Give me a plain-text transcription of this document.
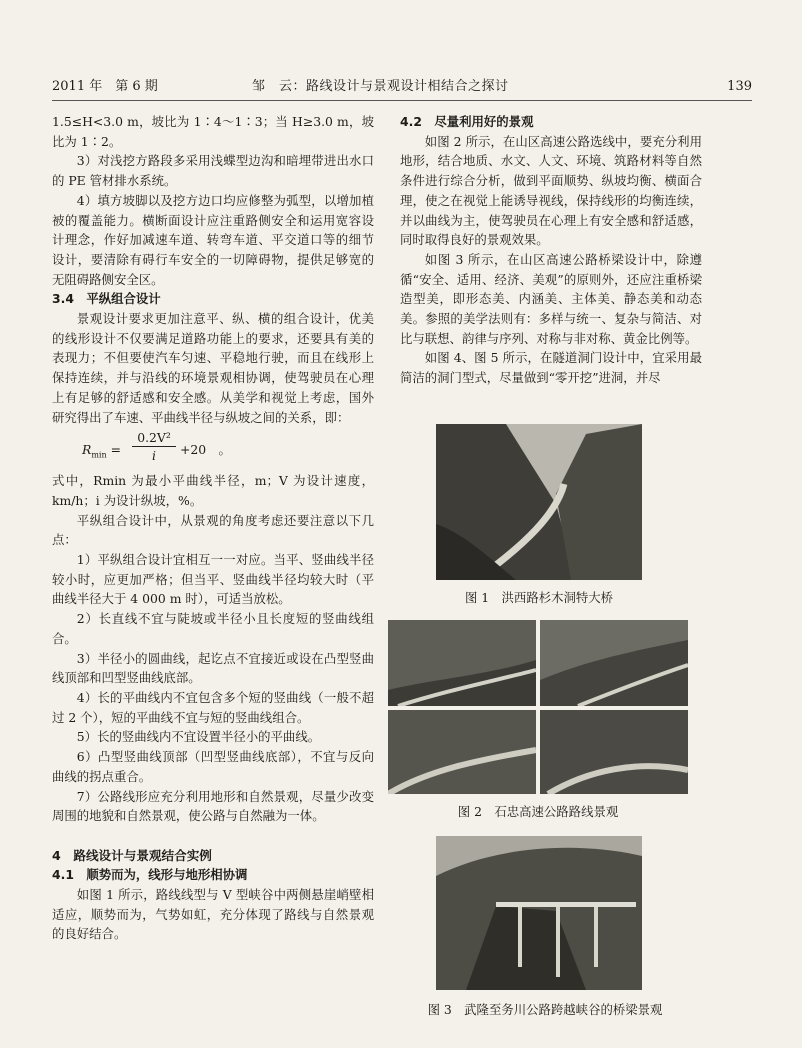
2011 年　第 6 期	邹　云：路线设计与景观设计相结合之探讨	139

1.5≤H<3.0 m，坡比为 1∶4～1∶3；当 H≥3.0 m，坡比为 1∶2。

3）对浅挖方路段多采用浅蝶型边沟和暗埋带进出水口的 PE 管材排水系统。

4）填方坡脚以及挖方边口均应修整为弧型，以增加植被的覆盖能力。横断面设计应注重路侧安全和运用宽容设计理念，作好加减速车道、转弯车道、平交道口等的细节设计，要清除有碍行车安全的一切障碍物，提供足够宽的无阻碍路侧安全区。

3.4　平纵组合设计

景观设计要求更加注意平、纵、横的组合设计，优美的线形设计不仅要满足道路功能上的要求，还要具有美的表现力；不但要使汽车匀速、平稳地行驶，而且在线形上保持连续，并与沿线的环境景观相协调，使驾驶员在心理上有足够的舒适感和安全感。从美学和视觉上考虑，国外研究得出了车速、平曲线半径与纵坡之间的关系，即：

$R_{min} = \frac{\text{0.2V²}}{i} +20$　。

式中，Rmin 为最小平曲线半径，m；V 为设计速度，km/h；i 为设计纵坡，%。

平纵组合设计中，从景观的角度考虑还要注意以下几点：

1）平纵组合设计宜相互一一对应。当平、竖曲线半径较小时，应更加严格；但当平、竖曲线半径均较大时（平曲线半径大于 4 000 m 时），可适当放松。

2）长直线不宜与陡坡或半径小且长度短的竖曲线组合。

3）半径小的圆曲线，起讫点不宜接近或设在凸型竖曲线顶部和凹型竖曲线底部。

4）长的平曲线内不宜包含多个短的竖曲线（一般不超过 2 个），短的平曲线不宜与短的竖曲线组合。

5）长的竖曲线内不宜设置半径小的平曲线。

6）凸型竖曲线顶部（凹型竖曲线底部），不宜与反向曲线的拐点重合。

7）公路线形应充分利用地形和自然景观，尽量少改变周围的地貌和自然景观，使公路与自然融为一体。

4　路线设计与景观结合实例

4.1　顺势而为，线形与地形相协调

如图 1 所示，路线线型与 V 型峡谷中两侧悬崖峭壁相适应，顺势而为，气势如虹，充分体现了路线与自然景观的良好结合。

4.2　尽量利用好的景观

如图 2 所示，在山区高速公路选线中，要充分利用地形，结合地质、水文、人文、环境、筑路材料等自然条件进行综合分析，做到平面顺势、纵坡均衡、横面合理，使之在视觉上能诱导视线，保持线形的均衡连续，并以曲线为主，使驾驶员在心理上有安全感和舒适感，同时取得良好的景观效果。

如图 3 所示，在山区高速公路桥梁设计中，除遵循“安全、适用、经济、美观”的原则外，还应注重桥梁造型美，即形态美、内涵美、主体美、静态美和动态美。参照的美学法则有：多样与统一、复杂与简洁、对比与联想、韵律与序列、对称与非对称、黄金比例等。

如图 4、图 5 所示，在隧道洞门设计中，宜采用最简洁的洞门型式，尽量做到“零开挖”进洞，并尽

图 1　洪西路杉木洞特大桥
图 2　石忠高速公路路线景观
图 3　武隆至务川公路跨越峡谷的桥梁景观
